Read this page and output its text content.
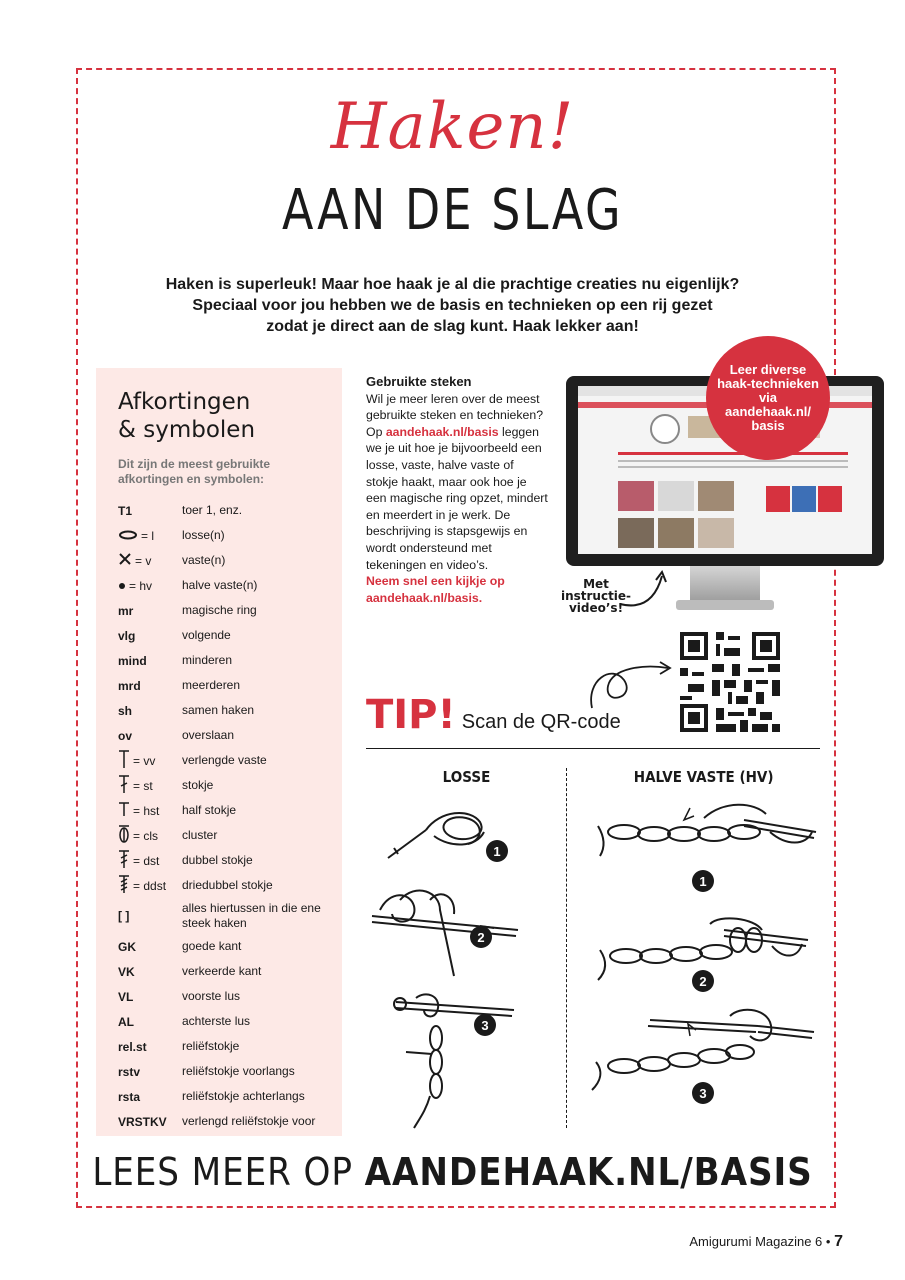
Haken!
AAN DE SLAG
Haken is superleuk! Maar hoe haak je al die prachtige creaties nu eigenlijk?
Speciaal voor jou hebben we de basis en technieken op een rij gezet
zodat je direct aan de slag kunt. Haak lekker aan!
Afkortingen
& symbolen
Dit zijn de meest gebruikte afkortingen en symbolen:
T1	toer 1, enz.
= l losse(n)
= v	vaste(n)
= hv halve vaste(n)
mr	magische ring
vlg	volgende
mind	minderen
mrd	meerderen
sh	samen haken
ov	overslaan
= vv verlengde vaste
= st stokje
= hst half stokje
= cls cluster
= dst dubbel stokje
= ddst driedubbel stokje
[ ]
alles hiertussen in die ene steek haken
GK	goede kant
VK	verkeerde kant
VL	voorste lus
AL	achterste lus
rel.st	reliëfstokje
rstv	reliëfstokje voorlangs
rsta	reliëfstokje achterlangs
VRSTKV	verlengd reliëfstokje voor
Gebruikte steken
Wil je meer leren over de meest gebruikte steken en technieken? Op aandehaak.nl/basis leggen we je uit hoe je bijvoorbeeld een losse, vaste, halve vaste of stokje haakt, maar ook hoe je een magische ring opzet, mindert en meerdert in je werk. De beschrijving is stapsgewijs en wordt ondersteund met tekeningen en video’s.
Neem snel een kijkje op aandehaak.nl/basis.
Leer diverse haak-technieken via aandehaak.nl/ basis
Met instructie-video’s!
TIP! Scan de QR-code
LOSSE	HALVE VASTE (HV)
1
2
3
1
2
3
LEES MEER OP AANDEHAAK.NL/BASIS
Amigurumi Magazine 6 • 7
